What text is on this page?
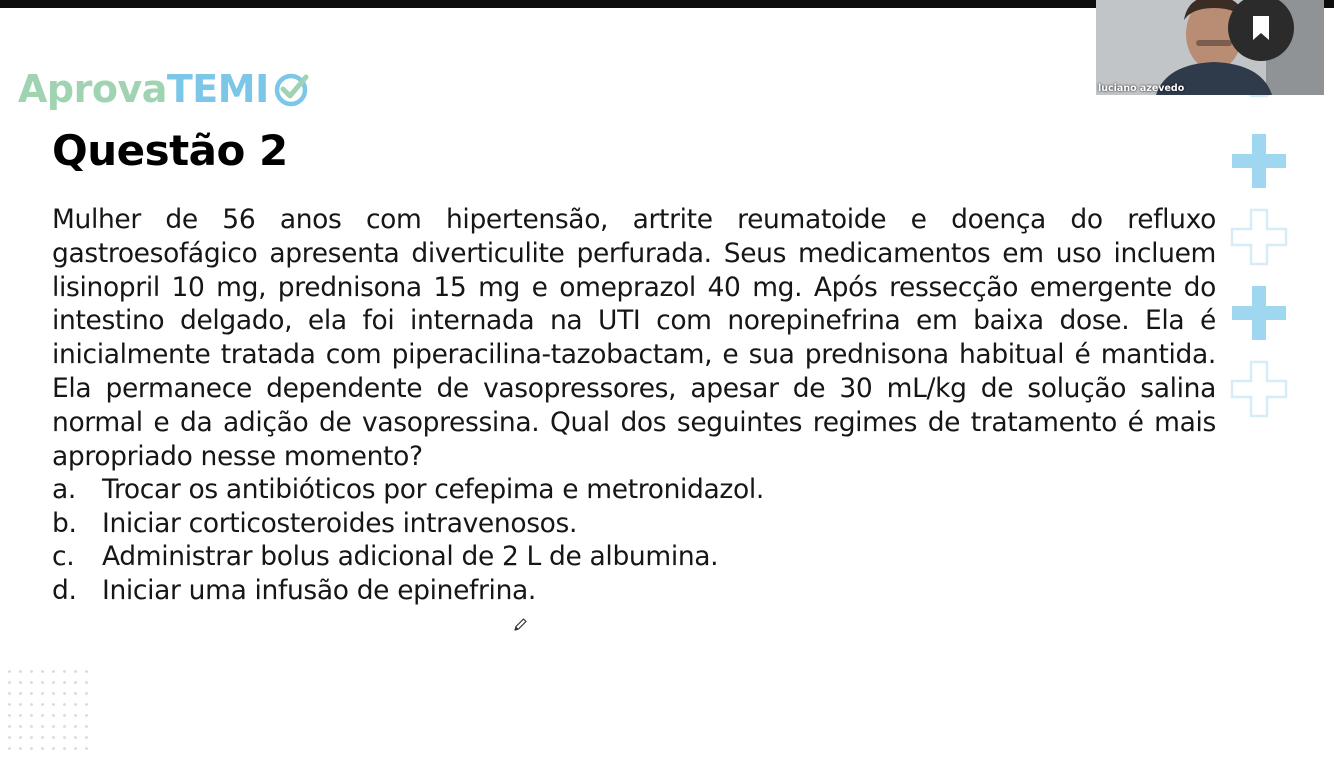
Aprova TEMI
Questão 2

Mulher de 56 anos com hipertensão, artrite reumatoide e doença do refluxo gastroesofágico apresenta diverticulite perfurada. Seus medicamentos em uso incluem lisinopril 10 mg, prednisona 15 mg e omeprazol 40 mg. Após ressecção emergente do intestino delgado, ela foi internada na UTI com norepinefrina em baixa dose. Ela é inicialmente tratada com piperacilina-tazobactam, e sua prednisona habitual é mantida. Ela permanece dependente de vasopressores, apesar de 30 mL/kg de solução salina normal e da adição de vasopressina. Qual dos seguintes regimes de tratamento é mais apropriado nesse momento?

a. Trocar os antibióticos por cefepima e metronidazol.
b. Iniciar corticosteroides intravenosos.
c.	Administrar bolus adicional de 2 L de albumina.
d. Iniciar uma infusão de epinefrina.
luciano azevedo
